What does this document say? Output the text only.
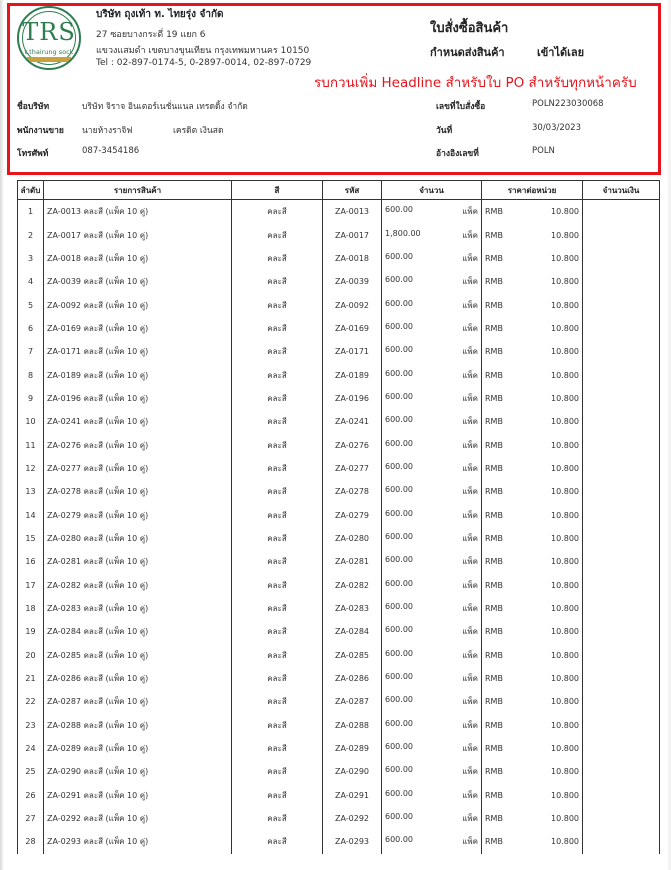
TRS
t.thairung sock
บริษัท ถุงเท้า ท. ไทยรุ่ง จำกัด
27 ซอยบางกระดี่ 19 แยก 6
แขวงแสมดำ เขตบางขุนเทียน กรุงเทพมหานคร 10150
Tel : 02-897-0174-5, 0-2897-0014, 02-897-0729
ใบสั่งซื้อสินค้า
กำหนดส่งสินค้า	เข้าได้เลย
รบกวนเพิ่ม Headline สำหรับใบ PO สำหรับทุกหน้าครับ
ชื่อบริษัท	บริษัท จิราจ อินเตอร์เนชั่นแนล เทรดดิ้ง จำกัด
พนักงานขาย นายห้างราจิฟ	เครดิต เงินสด
โทรศัพท์	087-3454186
เลขที่ใบสั่งซื้อ	POLN223030068
วันที่	30/03/2023
อ้างอิงเลขที่	POLN
ลำดับ	รายการสินค้า	สี	รหัส	จำนวน	ราคาต่อหน่วย	จำนวนเงิน
1	ZA-0013 คละสี (แพ็ค 10 คู่)	คละสี	ZA-0013	600.00 แพ็ค	RMB 10.800	

2	ZA-0017 คละสี (แพ็ค 10 คู่)	คละสี	ZA-0017	1,800.00 แพ็ค	RMB 10.800	

3	ZA-0018 คละสี (แพ็ค 10 คู่)	คละสี	ZA-0018	600.00 แพ็ค	RMB 10.800	

4	ZA-0039 คละสี (แพ็ค 10 คู่)	คละสี	ZA-0039	600.00 แพ็ค	RMB 10.800	

5	ZA-0092 คละสี (แพ็ค 10 คู่)	คละสี	ZA-0092	600.00 แพ็ค	RMB 10.800	

6	ZA-0169 คละสี (แพ็ค 10 คู่)	คละสี	ZA-0169	600.00 แพ็ค	RMB 10.800	

7	ZA-0171 คละสี (แพ็ค 10 คู่)	คละสี	ZA-0171	600.00 แพ็ค	RMB 10.800	

8	ZA-0189 คละสี (แพ็ค 10 คู่)	คละสี	ZA-0189	600.00 แพ็ค	RMB 10.800	

9	ZA-0196 คละสี (แพ็ค 10 คู่)	คละสี	ZA-0196	600.00 แพ็ค	RMB 10.800	

10	ZA-0241 คละสี (แพ็ค 10 คู่)	คละสี	ZA-0241	600.00 แพ็ค	RMB 10.800	

11	ZA-0276 คละสี (แพ็ค 10 คู่)	คละสี	ZA-0276	600.00 แพ็ค	RMB 10.800	

12	ZA-0277 คละสี (แพ็ค 10 คู่)	คละสี	ZA-0277	600.00 แพ็ค	RMB 10.800	

13	ZA-0278 คละสี (แพ็ค 10 คู่)	คละสี	ZA-0278	600.00 แพ็ค	RMB 10.800	

14	ZA-0279 คละสี (แพ็ค 10 คู่)	คละสี	ZA-0279	600.00 แพ็ค	RMB 10.800	

15	ZA-0280 คละสี (แพ็ค 10 คู่)	คละสี	ZA-0280	600.00 แพ็ค	RMB 10.800	

16	ZA-0281 คละสี (แพ็ค 10 คู่)	คละสี	ZA-0281	600.00 แพ็ค	RMB 10.800	

17	ZA-0282 คละสี (แพ็ค 10 คู่)	คละสี	ZA-0282	600.00 แพ็ค	RMB 10.800	

18	ZA-0283 คละสี (แพ็ค 10 คู่)	คละสี	ZA-0283	600.00 แพ็ค	RMB 10.800	

19	ZA-0284 คละสี (แพ็ค 10 คู่)	คละสี	ZA-0284	600.00 แพ็ค	RMB 10.800	

20	ZA-0285 คละสี (แพ็ค 10 คู่)	คละสี	ZA-0285	600.00 แพ็ค	RMB 10.800	

21	ZA-0286 คละสี (แพ็ค 10 คู่)	คละสี	ZA-0286	600.00 แพ็ค	RMB 10.800	

22	ZA-0287 คละสี (แพ็ค 10 คู่)	คละสี	ZA-0287	600.00 แพ็ค	RMB 10.800	

23	ZA-0288 คละสี (แพ็ค 10 คู่)	คละสี	ZA-0288	600.00 แพ็ค	RMB 10.800	

24	ZA-0289 คละสี (แพ็ค 10 คู่)	คละสี	ZA-0289	600.00 แพ็ค	RMB 10.800	

25	ZA-0290 คละสี (แพ็ค 10 คู่)	คละสี	ZA-0290	600.00 แพ็ค	RMB 10.800	

26	ZA-0291 คละสี (แพ็ค 10 คู่)	คละสี	ZA-0291	600.00 แพ็ค	RMB 10.800	

27	ZA-0292 คละสี (แพ็ค 10 คู่)	คละสี	ZA-0292	600.00 แพ็ค	RMB 10.800	

28	ZA-0293 คละสี (แพ็ค 10 คู่)	คละสี	ZA-0293	600.00 แพ็ค	RMB 10.800	
